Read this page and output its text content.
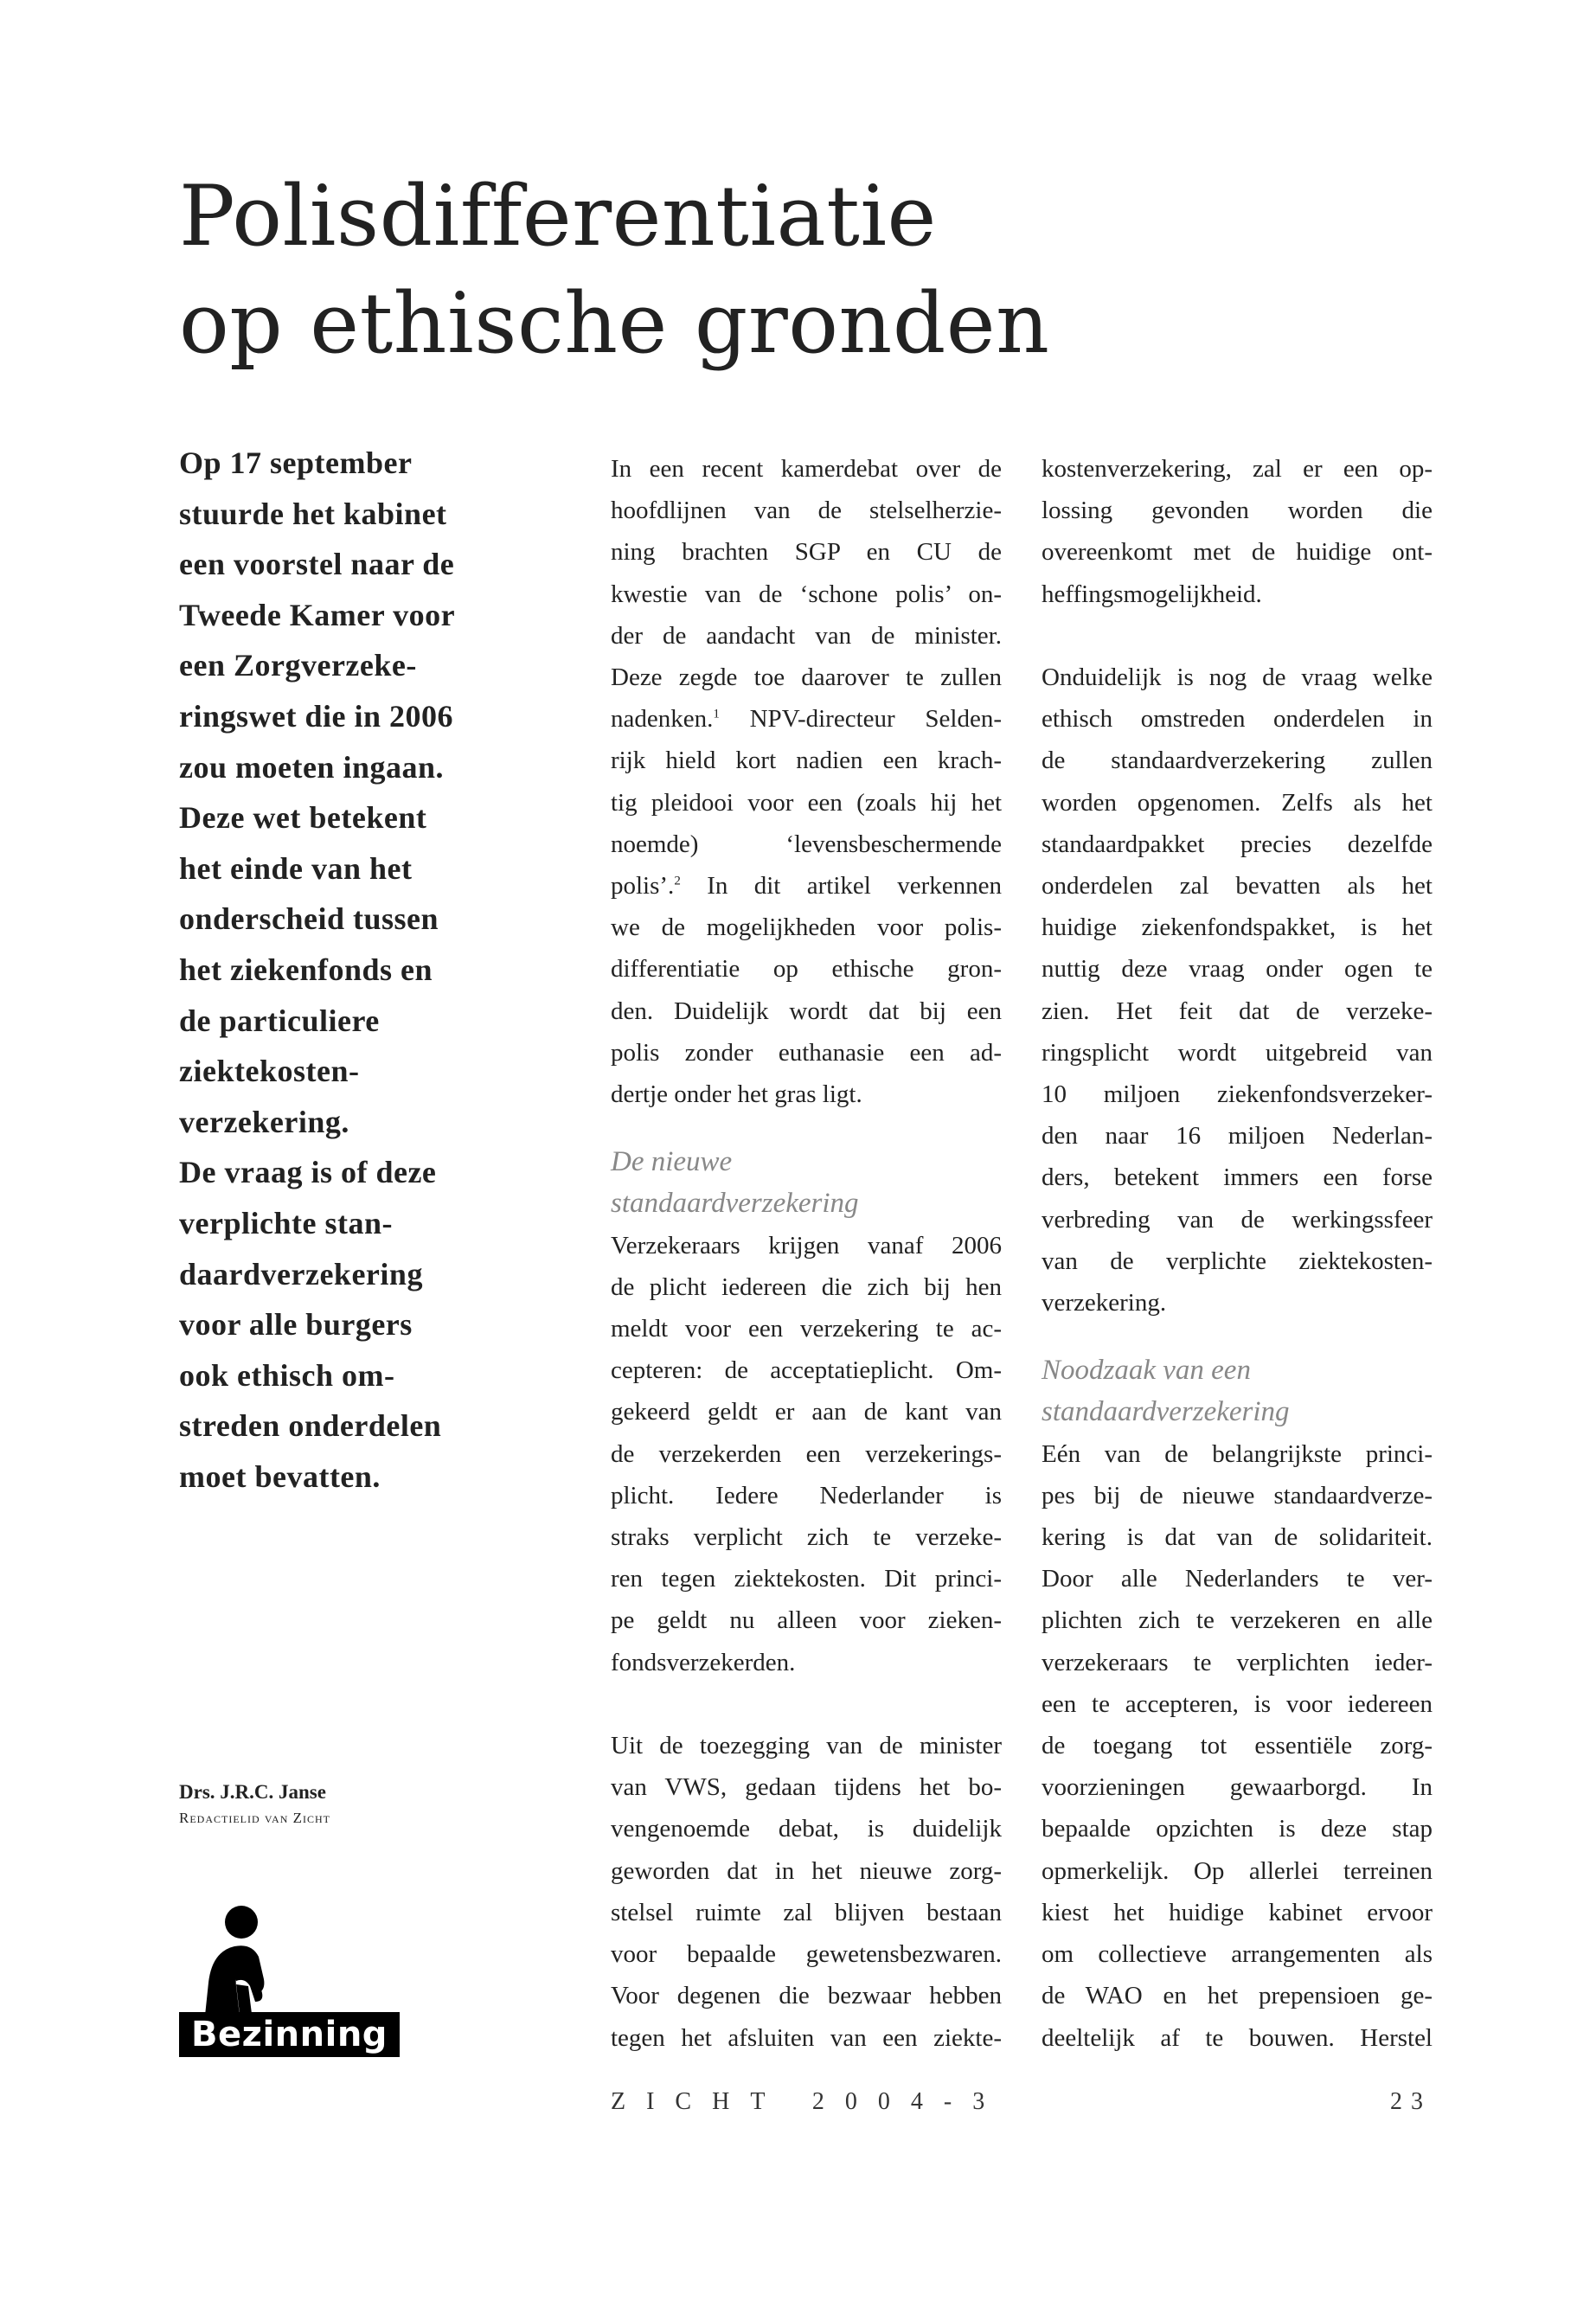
Polisdifferentiatie
op ethische gronden
Op 17 september
stuurde het kabinet
een voorstel naar de
Tweede Kamer voor
een Zorgverzeke-
ringswet die in 2006
zou moeten ingaan.
Deze wet betekent
het einde van het
onderscheid tussen
het ziekenfonds en
de particuliere
ziektekosten-
verzekering.
De vraag is of deze
verplichte stan-
daardverzekering
voor alle burgers
ook ethisch om-
streden onderdelen
moet bevatten.
In een recent kamerdebat over de
hoofdlijnen van de stelselherzie-
ning brachten SGP en CU de
kwestie van de ‘schone polis’ on-
der de aandacht van de minister.
Deze zegde toe daarover te zullen
nadenken.$^1$ NPV-directeur Selden-
rijk hield kort nadien een krach-
tig pleidooi voor een (zoals hij het
noemde) ‘levensbeschermende
polis’.$^2$ In dit artikel verkennen
we de mogelijkheden voor polis-
differentiatie op ethische gron-
den. Duidelijk wordt dat bij een
polis zonder euthanasie een ad-
dertje onder het gras ligt.
De nieuwe
standaardverzekering
Verzekeraars krijgen vanaf 2006
de plicht iedereen die zich bij hen
meldt voor een verzekering te ac-
cepteren: de acceptatieplicht. Om-
gekeerd geldt er aan de kant van
de verzekerden een verzekerings-
plicht. Iedere Nederlander is
straks verplicht zich te verzeke-
ren tegen ziektekosten. Dit princi-
pe geldt nu alleen voor zieken-
fondsverzekerden.
Uit de toezegging van de minister
van VWS, gedaan tijdens het bo-
vengenoemde debat, is duidelijk
geworden dat in het nieuwe zorg-
stelsel ruimte zal blijven bestaan
voor bepaalde gewetensbezwaren.
Voor degenen die bezwaar hebben
tegen het afsluiten van een ziekte-
kostenverzekering, zal er een op-
lossing gevonden worden die
overeenkomt met de huidige ont-
heffingsmogelijkheid.
Onduidelijk is nog de vraag welke
ethisch omstreden onderdelen in
de standaardverzekering zullen
worden opgenomen. Zelfs als het
standaardpakket precies dezelfde
onderdelen zal bevatten als het
huidige ziekenfondspakket, is het
nuttig deze vraag onder ogen te
zien. Het feit dat de verzeke-
ringsplicht wordt uitgebreid van
10 miljoen ziekenfondsverzeker-
den naar 16 miljoen Nederlan-
ders, betekent immers een forse
verbreding van de werkingssfeer
van de verplichte ziektekosten-
verzekering.
Noodzaak van een
standaardverzekering
Eén van de belangrijkste princi-
pes bij de nieuwe standaardverze-
kering is dat van de solidariteit.
Door alle Nederlanders te ver-
plichten zich te verzekeren en alle
verzekeraars te verplichten ieder-
een te accepteren, is voor iedereen
de toegang tot essentiële zorg-
voorzieningen gewaarborgd. In
bepaalde opzichten is deze stap
opmerkelijk. Op allerlei terreinen
kiest het huidige kabinet ervoor
om collectieve arrangementen als
de WAO en het prepensioen ge-
deeltelijk af te bouwen. Herstel
Drs. J.R.C. Janse
Redactielid van Zicht
Bezinning
ZICHT 2004-3	23
